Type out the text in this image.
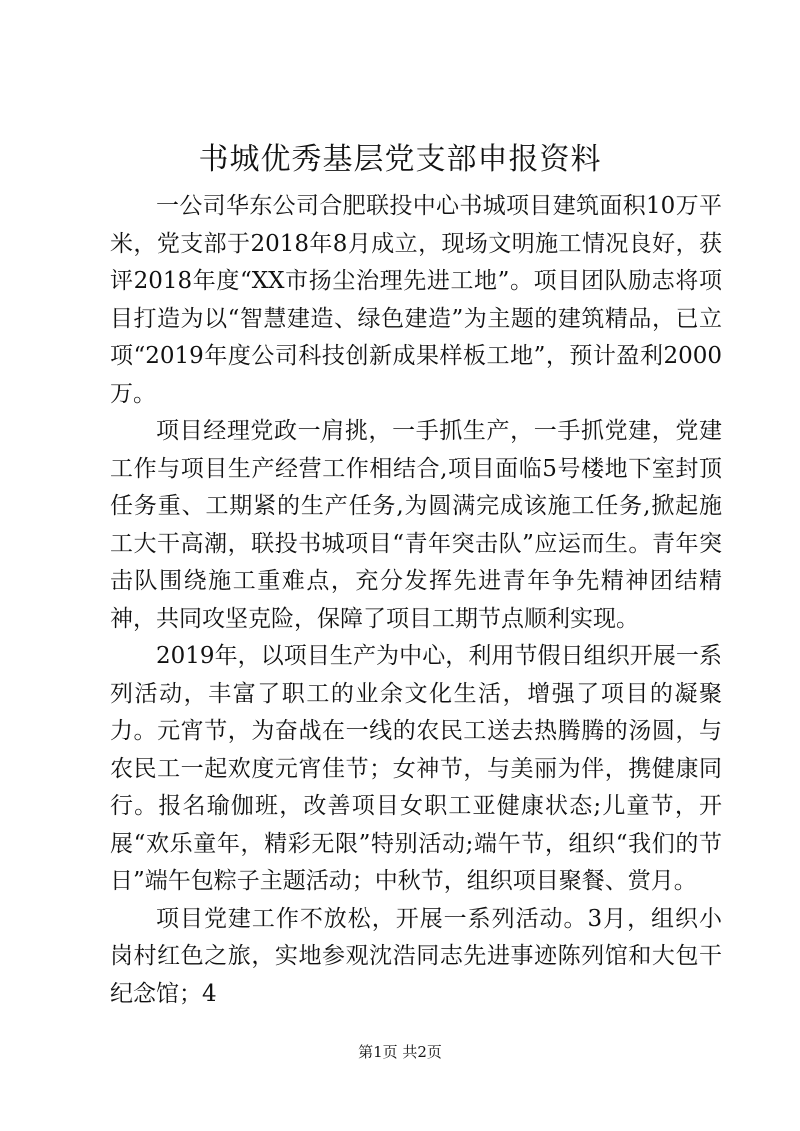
书城优秀基层党支部申报资料

一公司华东公司合肥联投中心书城项目建筑面积10万平米，党支部于2018年8月成立，现场文明施工情况良好，获评2018年度“XX市扬尘治理先进工地”。项目团队励志将项目打造为以“智慧建造、绿色建造”为主题的建筑精品，已立项“2019年度公司科技创新成果样板工地”，预计盈利2000万。

项目经理党政一肩挑，一手抓生产，一手抓党建，党建工作与项目生产经营工作相结合,项目面临5号楼地下室封顶任务重、工期紧的生产任务,为圆满完成该施工任务,掀起施工大干高潮，联投书城项目“青年突击队”应运而生。青年突击队围绕施工重难点，充分发挥先进青年争先精神团结精神，共同攻坚克险，保障了项目工期节点顺利实现。

2019年，以项目生产为中心，利用节假日组织开展一系列活动，丰富了职工的业余文化生活，增强了项目的凝聚力。元宵节，为奋战在一线的农民工送去热腾腾的汤圆，与农民工一起欢度元宵佳节；女神节，与美丽为伴，携健康同行。报名瑜伽班，改善项目女职工亚健康状态;儿童节，开展“欢乐童年，精彩无限”特别活动;端午节，组织“我们的节日”端午包粽子主题活动；中秋节，组织项目聚餐、赏月。

项目党建工作不放松，开展一系列活动。3月，组织小岗村红色之旅，实地参观沈浩同志先进事迹陈列馆和大包干纪念馆；4

第1页 共2页
